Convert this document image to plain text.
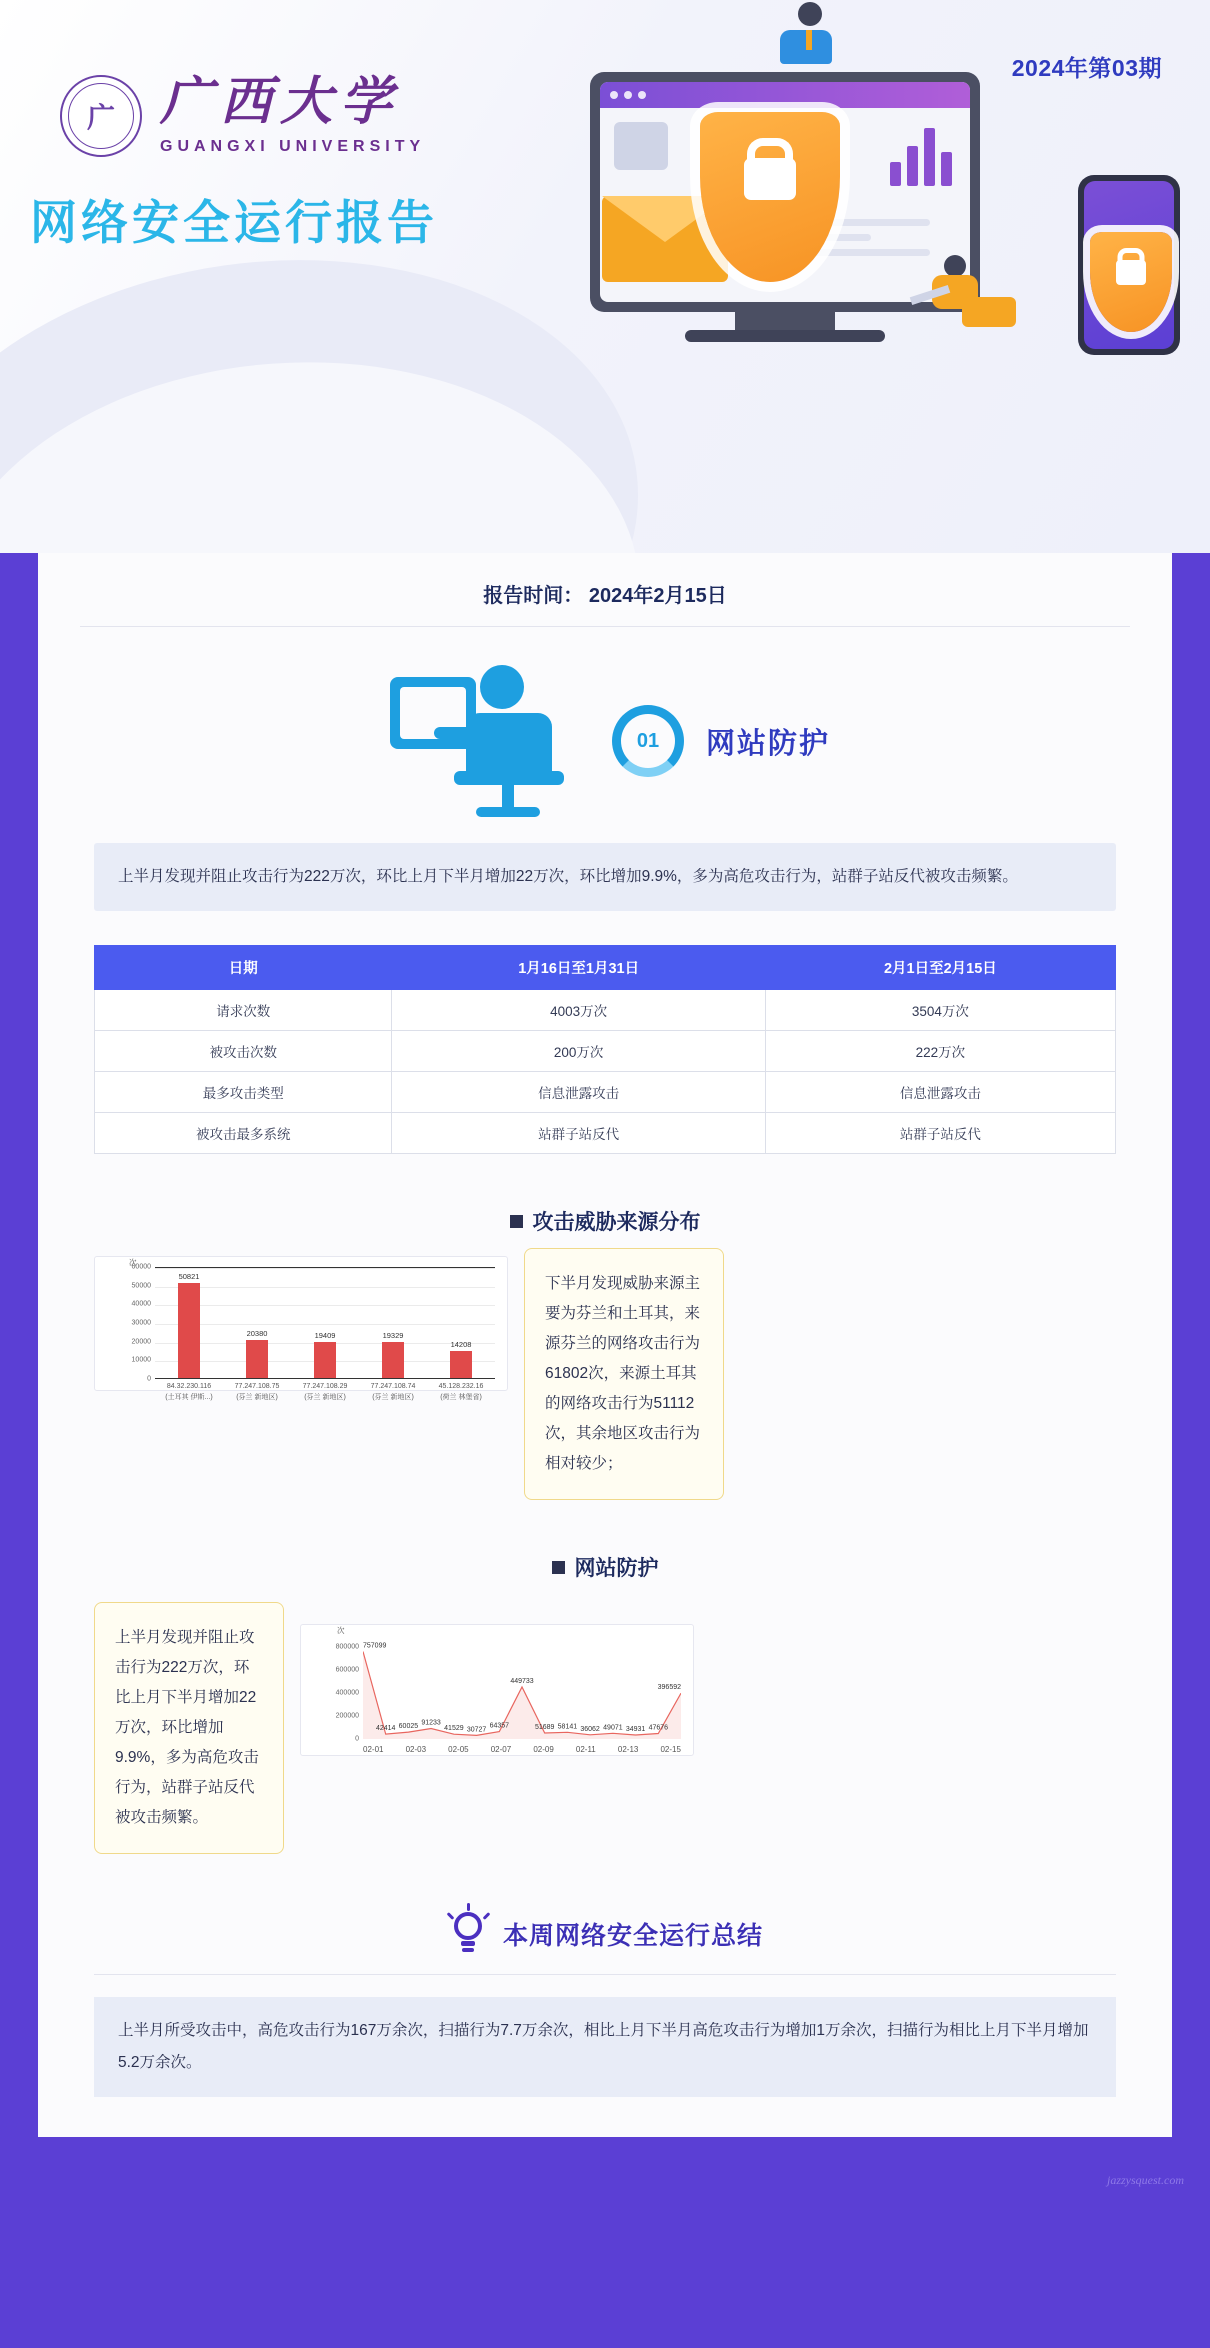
2024年第03期
广 广西大学
GUANGXI UNIVERSITY
网络安全运行报告
报告时间： 2024年2月15日
01	网站防护
上半月发现并阻止攻击行为222万次，环比上月下半月增加22万次，环比增加9.9%，多为高危攻击行为，站群子站反代被攻击频繁。
日期	1月16日至1月31日	2月1日至2月15日
请求次数	4003万次	3504万次
被攻击次数	200万次	222万次
最多攻击类型	信息泄露攻击	信息泄露攻击
被攻击最多系统	站群子站反代	站群子站反代
攻击威胁来源分布
次
0
10000
20000
30000
40000
50000
60000
50821
20380	19409	19329
14208
84.32.230.116
(土耳其 伊斯...)
77.247.108.75
(芬兰 新地区)
77.247.108.29
(芬兰 新地区)
77.247.108.74
(芬兰 新地区)
45.128.232.16
(荷兰 林堡省)
下半月发现威胁来源主要为芬兰和土耳其，来源芬兰的网络攻击行为61802次，来源土耳其的网络攻击行为51112次，其余地区攻击行为相对较少；
网站防护
上半月发现并阻止攻击行为222万次，环比上月下半月增加22万次，环比增加9.9%，多为高危攻击行为，站群子站反代被攻击频繁。
次
0
200000
400000
600000
800000 757099
42414 60025
91233
41529 30727
64357
449733
51689 58141 36062 49071 34931 47676
396592
02-01	02-03	02-05	02-07	02-09	02-11	02-13	02-15
本周网络安全运行总结
上半月所受攻击中，高危攻击行为167万余次，扫描行为7.7万余次，相比上月下半月高危攻击行为增加1万余次，扫描行为相比上月下半月增加5.2万余次。
jazzysquest.com
